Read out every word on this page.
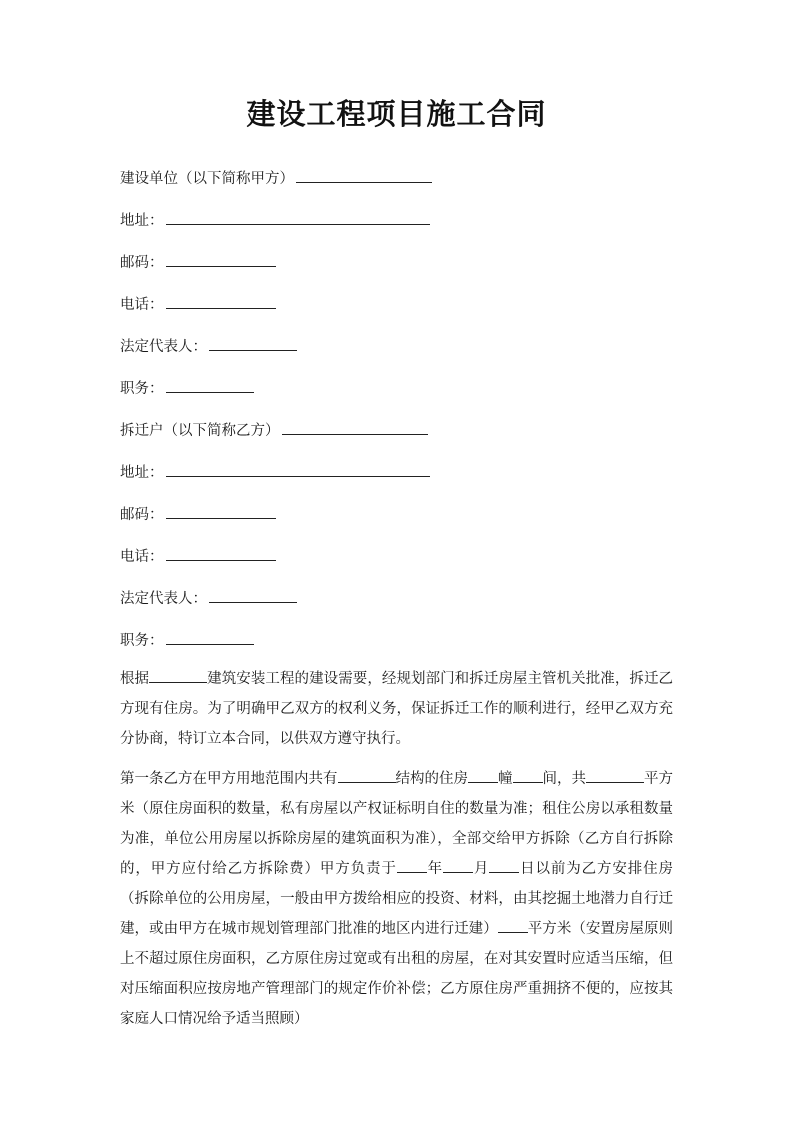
建设工程项目施工合同
建设单位（以下简称甲方）
地址：
邮码：
电话：
法定代表人：
职务：
拆迁户（以下简称乙方）
地址：
邮码：
电话：
法定代表人：
职务：

根据	建筑安装工程的建设需要，经规划部门和拆迁房屋主管机关批准，拆迁乙方现有住房。为了明确甲乙双方的权利义务，保证拆迁工作的顺利进行，经甲乙双方充分协商，特订立本合同，以供双方遵守执行。

第一条乙方在甲方用地范围内共有	结构的住房 幢 间，共	平方米（原住房面积的数量，私有房屋以产权证标明自住的数量为准；租住公房以承租数量为准，单位公用房屋以拆除房屋的建筑面积为准），全部交给甲方拆除（乙方自行拆除的，甲方应付给乙方拆除费）甲方负责于 年 月 日以前为乙方安排住房（拆除单位的公用房屋，一般由甲方拨给相应的投资、材料，由其挖掘土地潜力自行迁建，或由甲方在城市规划管理部门批准的地区内进行迁建） 平方米（安置房屋原则上不超过原住房面积，乙方原住房过宽或有出租的房屋，在对其安置时应适当压缩，但对压缩面积应按房地产管理部门的规定作价补偿；乙方原住房严重拥挤不便的，应按其家庭人口情况给予适当照顾）
